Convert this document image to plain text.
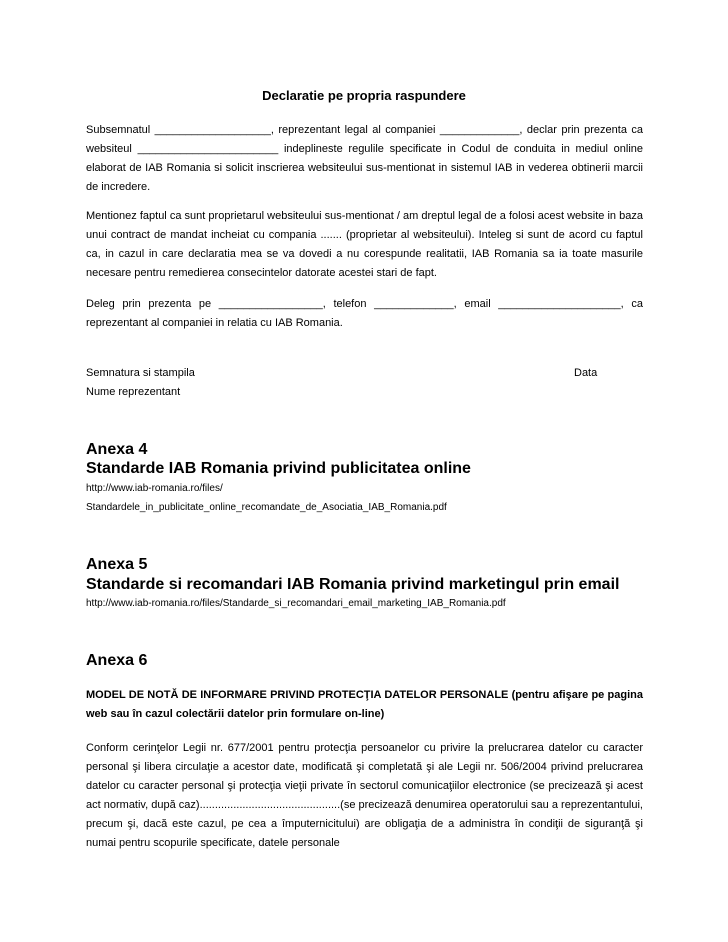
Declaratie pe propria raspundere

Subsemnatul ___________________, reprezentant legal al companiei _____________, declar prin prezenta ca websiteul _______________________ indeplineste regulile specificate in Codul de conduita in mediul online elaborat de IAB Romania si solicit inscrierea websiteului sus-mentionat in sistemul IAB in vederea obtinerii marcii de incredere.

Mentionez faptul ca sunt proprietarul websiteului sus-mentionat / am dreptul legal de a folosi acest website in baza unui contract de mandat incheiat cu compania ....... (proprietar al websiteului). Inteleg si sunt de acord cu faptul ca, in cazul in care declaratia mea se va dovedi a nu corespunde realitatii, IAB Romania sa ia toate masurile necesare pentru remedierea consecintelor datorate acestei stari de fapt.

Deleg prin prezenta pe _________________, telefon _____________, email ____________________, ca reprezentant al companiei in relatia cu IAB Romania.

Semnatura si stampila	Data
Nume reprezentant
Anexa 4
Standarde IAB Romania privind publicitatea online
http://www.iab-romania.ro/files/
Standardele_in_publicitate_online_recomandate_de_Asociatia_IAB_Romania.pdf
Anexa 5
Standarde si recomandari IAB Romania privind marketingul prin email
http://www.iab-romania.ro/files/Standarde_si_recomandari_email_marketing_IAB_Romania.pdf
Anexa 6
MODEL DE NOTĂ DE INFORMARE PRIVIND PROTECŢIA DATELOR PERSONALE (pentru afişare pe pagina web sau în cazul colectării datelor prin formulare on-line)

Conform cerinţelor Legii nr. 677/2001 pentru protecţia persoanelor cu privire la prelucrarea datelor cu caracter personal şi libera circulaţie a acestor date, modificată şi completată şi ale Legii nr. 506/2004 privind prelucrarea datelor cu caracter personal şi protecţia vieţii private în sectorul comunicaţiilor electronice (se precizează şi acest act normativ, după caz)..............................................(se precizează denumirea operatorului sau a reprezentantului, precum şi, dacă este cazul, pe cea a împuternicitului) are obligaţia de a administra în condiţii de siguranţă şi numai pentru scopurile specificate, datele personale
